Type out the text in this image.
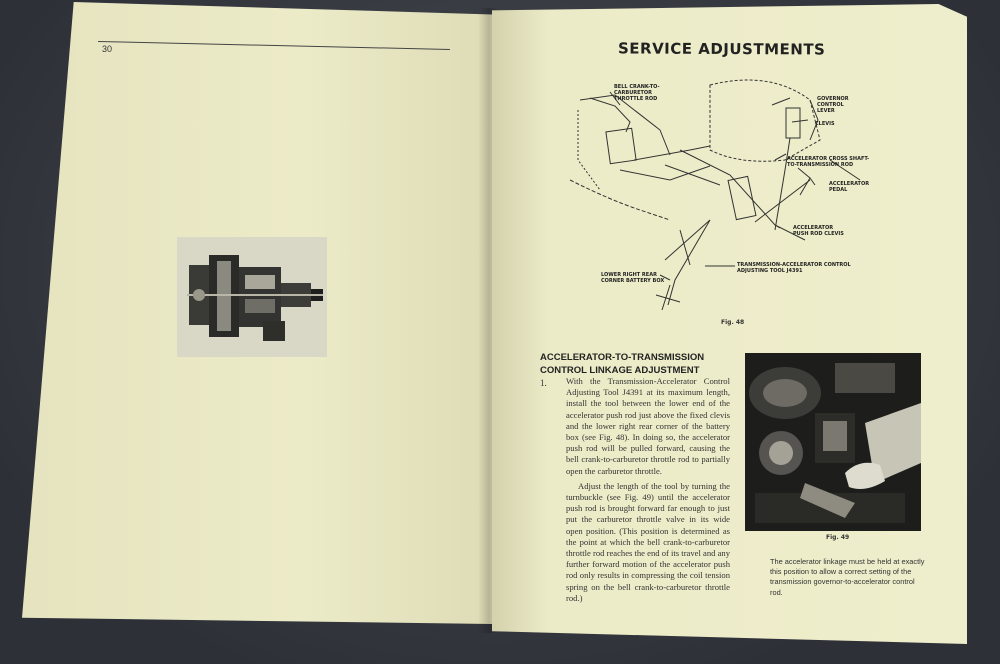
30	SERVICE ADJUSTMENTS
BELL CRANK-TO-
CARBURETOR
THROTTLE ROD	GOVERNOR
CONTROL
LEVER
CLEVIS
ACCELERATOR CROSS SHAFT-
TO-TRANSMISSION ROD
ACCELERATOR
PEDAL
ACCELERATOR
PUSH ROD CLEVIS
TRANSMISSION-ACCELERATOR CONTROL
ADJUSTING TOOL J4391
LOWER RIGHT REAR
CORNER BATTERY BOX
Fig. 48
ACCELERATOR-TO-TRANSMISSION CONTROL LINKAGE ADJUSTMENT
1. With the Transmission-Accelerator Control Adjusting Tool J4391 at its maximum length, install the tool between the lower end of the accelerator push rod just above the fixed clevis and the lower right rear corner of the battery box (see Fig. 48). In doing so, the accelerator push rod will be pulled forward, causing the bell crank-to-carburetor throttle rod to partially open the carburetor throttle.

Adjust the length of the tool by turning the turnbuckle (see Fig. 49) until the accelerator push rod is brought forward far enough to just put the carburetor throttle valve in its wide open position. (This position is determined as the point at which the bell crank-to-carburetor throttle rod reaches the end of its travel and any further forward motion of the accelerator push rod only results in compressing the coil tension spring on the bell crank-to-carburetor throttle rod.)

Fig. 49
The accelerator linkage must be held at exactly this position to allow a correct setting of the transmission governor-to-accelerator control rod.
